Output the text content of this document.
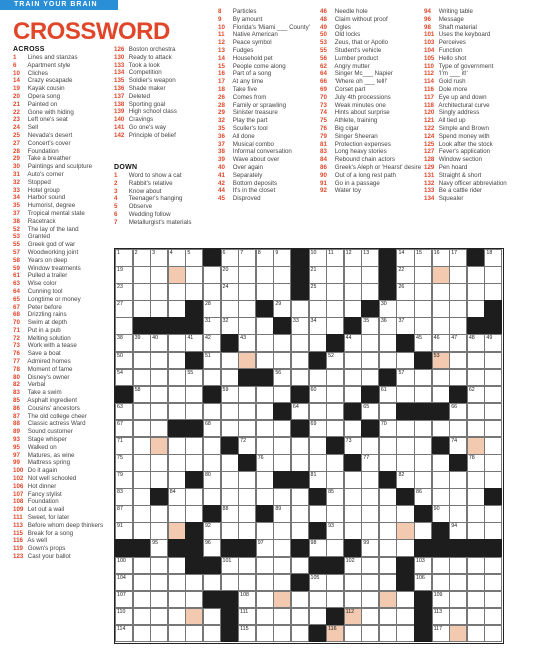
TRAIN YOUR BRAIN
CROSSWORD
ACROSS
1 Lines and stanzas
6 Apartment style
10 Cliches
14 Crazy escapade
19 Kayak cousin
20 Opera song
21 Painted on
22 Gone with hiding
23 Left one's seat
24 Sell
25 Nevada's desert
27 Concert's cover
28 Foundation
29 Take a breather
30 Paintings and sculpture
31 Auto's corner
32 Stopped
33 Hotel group
34 Harbor sound
35 Humorist, degree
37 Tropical mental state
38 Racetrack
52 The lay of the land
53 Granted
55 Greek god of war
57 Woodworking joint
58 Years on deep
59 Window treatments
61 Pulled a trailer
63 Wise color
64 Cunning tool
65 Longtime or money
67 Peter before
68 Drizzling rains
70 Swim at depth
71 Put in a pub
72 Melting solution
73 Work with a tease
76 Save a boat
77 Admired homes
78 Moment of fame
80 Disney's owner
82 Verbal
83 Take a swim
85 Asphalt ingredient
86 Cousins' ancestors
87 The old college cheer
88 Classic actress Ward
89 Sound customer
93 Stage whisper
95 Walked on
97 Matures, as wine
99 Mattress spring
100 Do it again
102 Not well schooled
106 Hot dinner
107 Fancy stylist
108 Foundation
109 Let out a wail
111 Sweet, for later
113 Before whom deep thinkers
115 Break for a song
116 As well
119 Gown's props
123 Cast your ballot
126 Boston orchestra
130 Ready to attack
133 Took a look
134 Competition
135 Soldier's weapon
136 Shade maker
137 Deleted
138 Sporting goal
139 High school class
140 Cravings
141 Go one's way
142 Principle of belief
DOWN
1 Word to show a cat
2 Rabbit's relative
3 Know about
4 Teenager's hanging
5 Observe
6 Wedding follow
7 Metallurgist's materials
8 Particles
9 By amount
10 Florida's 'Miami ___ County'
11 Native American
12 Peace symbol
13 Fudges
14 Household pet
15 People come along
16 Part of a song
17 At any time
18 Take five
26 Comes from
28 Family or sprawling
29 Sinister treasure
32 Play the part
35 Sculler's tool
36 All done
37 Musical combo
38 Informal conversation
39 Wave about over
40 Over again
41 Separately
42 Bottom deposits
44 It's in the closet
45 Disproved
46 Needle hole
48 Claim without proof
49 Ogles
50 Old locks
53 Zeus, that or Apollo
55 Student's vehicle
56 Lumber product
62 Angry mutter
64 Singer Mc___ Napier
66 'Where oh ___ tell!'
69 Corset part
70 July 4th processions
73 Weak minutes one
74 Hints about surprise
75 Athlete, training
76 Big cigar
79 Singer Sheeran
81 Protection expenses
83 Long heavy stories
84 Rebound chain actors
86 Greek's Aleph or 'Hearst' desire
90 Out of a long rest path
91 Go in a passage
92 Water toy
94 Writing table
96 Message
98 Shaft material
101 Uses the keyboard
103 Perceives
104 Function
105 Hello shot
110 Type of government
112 'I'm ___ it!'
114 Gold rush
116 Dole more
117 Eye up and down
118 Architectural curve
120 Singly address
121 All tied up
122 Simple and Brown
124 Spend money with
125 Look after the stock
127 Fever's application
128 Window section
129 Pen hoard
131 Straight & short
132 Navy officer abbreviation
133 Be a cattle rider
134 Squealer
1	2	3	4	5	6	7	8	9	10 11 12 13	14 15 16 17	18
19	20	21	22
23	24	25	26
27	28	29	30
31 32	33 34	35 36 37
38 39 40	41 42	43	44	45 46 47 48 49
50	51	52	53
54	55	56	57
58	59	60	61	62
63	64	65	66
67	68	69	70
71	72	73	74
75	76	77	78
79	80	81	82
83	84	85	86
87	88	89	90
91	92	93	94
95	96	97	98	99
100	101	102	103
104	105	106
107	108	109
110	111	112	113
114	115	116	117
